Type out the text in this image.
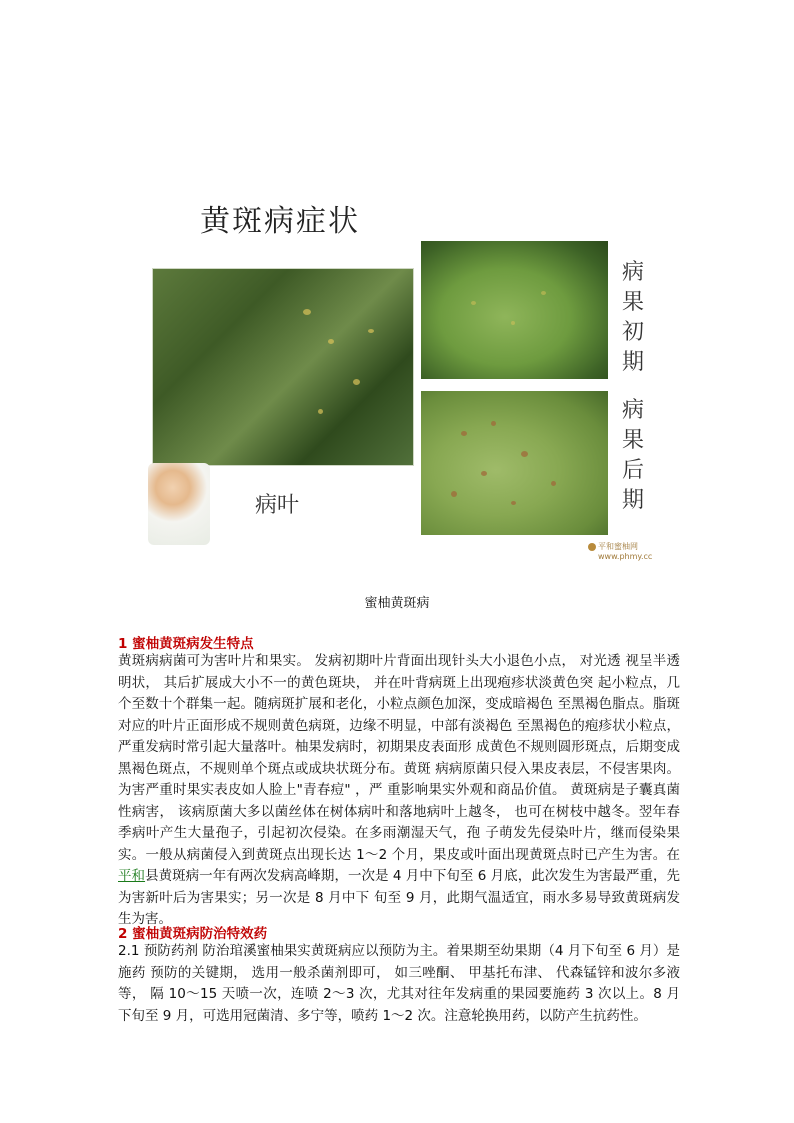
黄斑病症状
病
果
初
期
病
果
后
期
病叶
平和蜜柚网
www.phmy.cc
蜜柚黄斑病
1 蜜柚黄斑病发生特点
黄斑病病菌可为害叶片和果实。 发病初期叶片背面出现针头大小退色小点， 对光透 视呈半透明状， 其后扩展成大小不一的黄色斑块， 并在叶背病斑上出现疱疹状淡黄色突 起小粒点，几个至数十个群集一起。随病斑扩展和老化，小粒点颜色加深，变成暗褐色 至黑褐色脂点。脂斑对应的叶片正面形成不规则黄色病斑，边缘不明显，中部有淡褐色 至黑褐色的疱疹状小粒点，严重发病时常引起大量落叶。柚果发病时，初期果皮表面形 成黄色不规则圆形斑点，后期变成黑褐色斑点，不规则单个斑点或成块状斑分布。黄斑 病病原菌只侵入果皮表层，不侵害果肉。为害严重时果实表皮如人脸上"青春痘" ，严 重影响果实外观和商品价值。 黄斑病是子囊真菌性病害， 该病原菌大多以菌丝体在树体病叶和落地病叶上越冬， 也可在树枝中越冬。翌年春季病叶产生大量孢子，引起初次侵染。在多雨潮湿天气，孢 子萌发先侵染叶片，继而侵染果实。一般从病菌侵入到黄斑点出现长达 1～2 个月，果皮或叶面出现黄斑点时已产生为害。在平和县黄斑病一年有两次发病高峰期，一次是 4 月中下旬至 6 月底，此次发生为害最严重，先为害新叶后为害果实；另一次是 8 月中下 旬至 9 月，此期气温适宜，雨水多易导致黄斑病发生为害。
2 蜜柚黄斑病防治特效药
2.1 预防药剂 防治琯溪蜜柚果实黄斑病应以预防为主。着果期至幼果期（4 月下旬至 6 月）是施药 预防的关键期， 选用一般杀菌剂即可， 如三唑酮、 甲基托布津、 代森锰锌和波尔多液等， 隔 10～15 天喷一次，连喷 2～3 次，尤其对往年发病重的果园要施药 3 次以上。8 月下旬至 9 月，可选用冠菌清、多宁等，喷药 1～2 次。注意轮换用药，以防产生抗药性。
